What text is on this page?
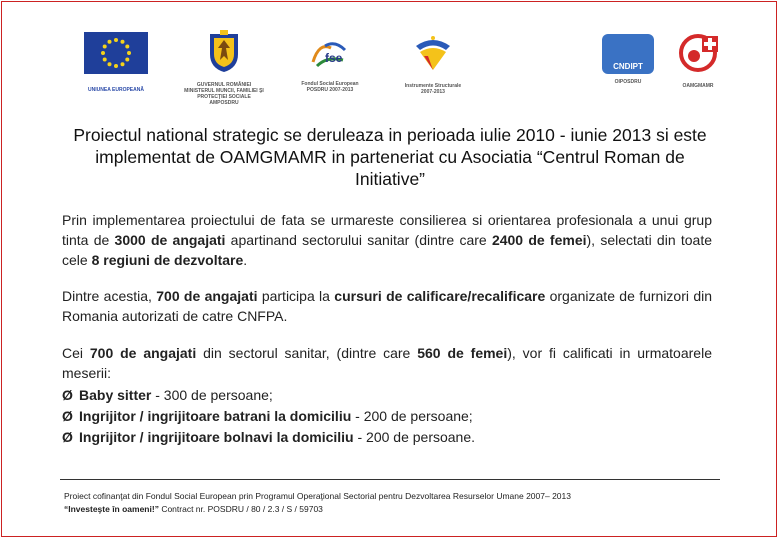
UNIUNEA EUROPEANĂ
GUVERNUL ROMÂNIEI
MINISTERUL MUNCII, FAMILIEI ŞI
PROTECŢIEI SOCIALE
AMPOSDRU
fse
Fondul Social European
POSDRU 2007-2013
Instrumente Structurale
2007-2013
CNDIPT
OIPOSDRU
OAMGMAMR
Proiectul national strategic se deruleaza in perioada iulie 2010 - iunie 2013 si este implementat de OAMGMAMR in parteneriat cu Asociatia “Centrul Roman de Initiative”
Prin implementarea proiectului de fata se urmareste consilierea si orientarea profesionala a unui grup tinta de 3000 de angajati apartinand sectorului sanitar (dintre care 2400 de femei), selectati din toate cele 8 regiuni de dezvoltare.
Dintre acestia, 700 de angajati participa la cursuri de calificare/recalificare organizate de furnizori din Romania autorizati de catre CNFPA.
Cei 700 de angajati din sectorul sanitar, (dintre care 560 de femei), vor fi calificati in urmatoarele meserii:
Ø Baby sitter - 300 de persoane;
Ø Ingrijitor / ingrijitoare batrani la domiciliu - 200 de persoane;
Ø Ingrijitor / ingrijitoare bolnavi la domiciliu - 200 de persoane.
Proiect cofinanţat din Fondul Social European prin Programul Operaţional Sectorial pentru Dezvoltarea Resurselor Umane 2007– 2013
“Investeşte în oameni!” Contract nr. POSDRU / 80 / 2.3 / S / 59703
